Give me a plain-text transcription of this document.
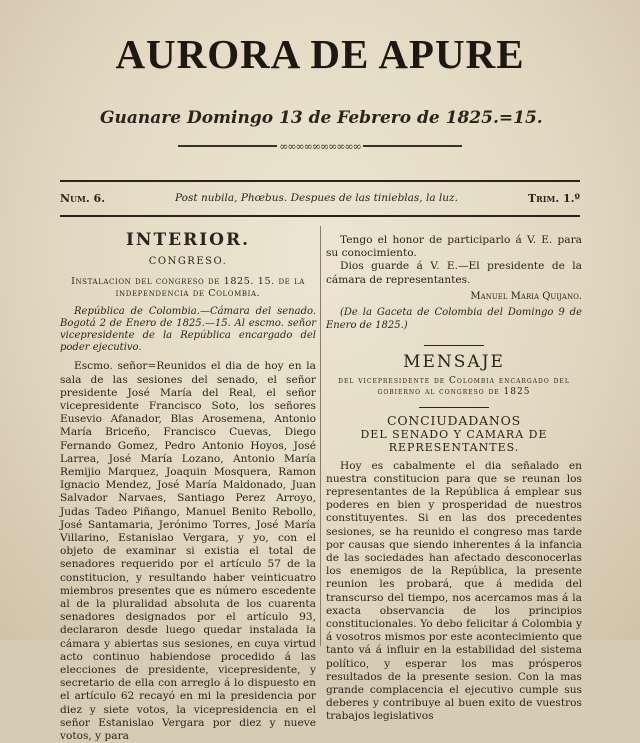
AURORA DE APURE
Guanare Domingo 13 de Febrero de 1825.=15.
∞∞∞∞∞∞∞∞∞∞
Num. 6.	Post nubila, Phœbus. Despues de las tinieblas, la luz.	Trim. 1.º
INTERIOR.
CONGRESO.
Instalacion del congreso de 1825. 15. de la independencia de Colombia.
República de Colombia.—Cámara del senado. Bogotá 2 de Enero de 1825.—15. Al escmo. señor vicepresidente de la República encargado del poder ejecutivo.
Escmo. señor=Reunidos el dia de hoy en la sala de las sesiones del senado, el señor presidente José María del Real, el señor vicepresidente Francisco Soto, los señores Eusevio Afanador, Blas Arosemena, Antonio María Briceño, Francisco Cuevas, Diego Fernando Gomez, Pedro Antonio Hoyos, José Larrea, José María Lozano, Antonio María Remijio Marquez, Joaquin Mosquera, Ramon Ignacio Mendez, José María Maldonado, Juan Salvador Narvaes, Santiago Perez Arroyo, Judas Tadeo Piñango, Manuel Benito Rebollo, José Santamaria, Jerónimo Torres, José María Villarino, Estanislao Vergara, y yo, con el objeto de examinar si existia el total de senadores requerido por el artículo 57 de la constitucion, y resultando haber veinticuatro miembros presentes que es número escedente al de la pluralidad absoluta de los cuarenta senadores designados por el artículo 93, declararon desde luego quedar instalada la cámara y abiertas sus sesiones, en cuya virtud acto continuo habiendose procedido á las elecciones de presidente, vicepresidente, y secretario de ella con arreglo á lo dispuesto en el artículo 62 recayó en mi la presidencia por diez y siete votos, la vicepresidencia en el señor Estanislao Vergara por diez y nueve votos, y para
Tengo el honor de participarlo á V. E. para su conocimiento.
Dios guarde á V. E.—El presidente de la cámara de representantes.
Manuel Maria Quijano.
(De la Gaceta de Colombia del Domingo 9 de Enero de 1825.)
MENSAJE
del vicepresidente de Colombia encargado del gobierno al congreso de 1825
CONCIUDADANOS
DEL SENADO Y CAMARA DE REPRESENTANTES.
Hoy es cabalmente el dia señalado en nuestra constitucion para que se reunan los representantes de la República á emplear sus poderes en bien y prosperidad de nuestros constituyentes. Si en las dos precedentes sesiones, se ha reunido el congreso mas tarde por causas que siendo inherentes á la infancia de las sociedades han afectado desconocerlas los enemigos de la República, la presente reunion les probará, que á medida del transcurso del tiempo, nos acercamos mas á la exacta observancia de los principios constitucionales. Yo debo felicitar á Colombia y á vosotros mismos por este acontecimiento que tanto vá á influir en la estabilidad del sistema político, y esperar los mas prósperos resultados de la presente sesion. Con la mas grande complacencia el ejecutivo cumple sus deberes y contribuye al buen exito de vuestros trabajos legislativos
